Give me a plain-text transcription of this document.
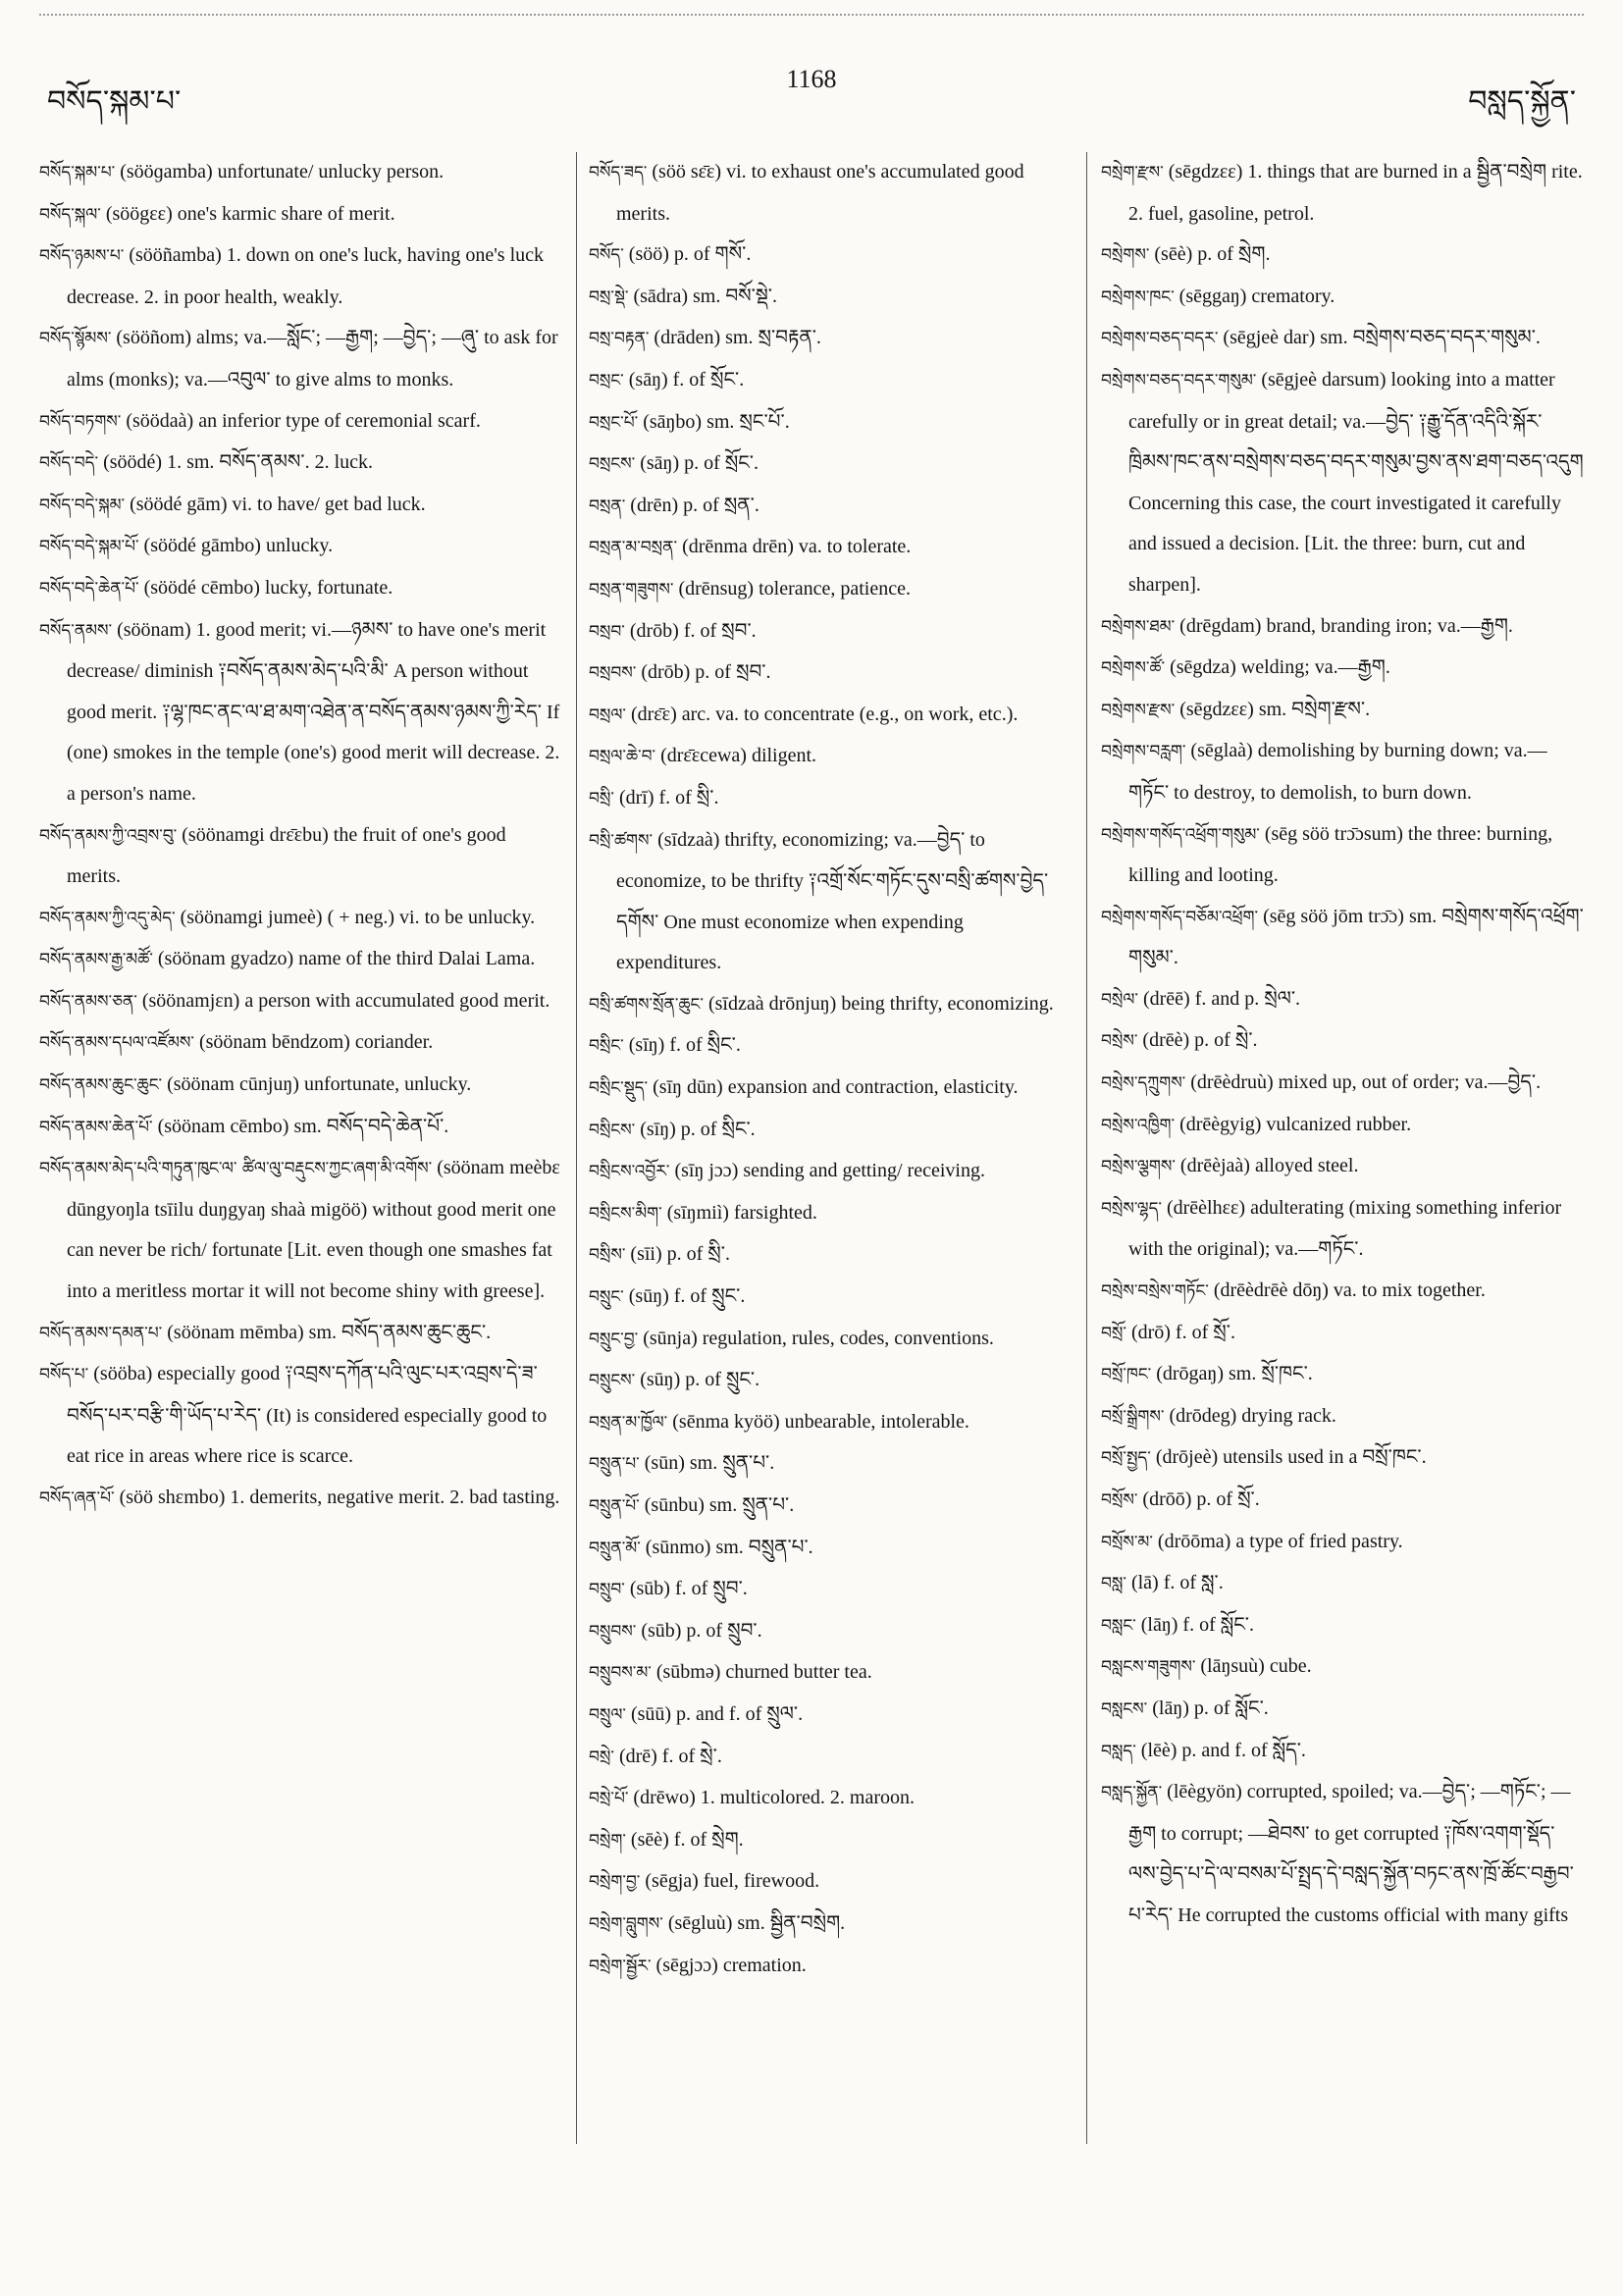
བསོད་སྐམ་པ་
1168
བསླད་སྐྱོན་

བསོད་སྐམ་པ་ (sööɡamba) unfortunate/ unlucky person.

བསོད་སྐལ་ (söögɛɛ) one's karmic share of merit.

བསོད་ཉམས་པ་ (sööñamba) 1. down on one's luck, having one's luck decrease. 2. in poor health, weakly.

བསོད་སྙོམས་ (sööñom) alms; va.—སློང་; —རྒྱག; —བྱེད་; —ཞུ་ to ask for alms (monks); va.—འབུལ་ to give alms to monks.

བསོད་བཏགས་ (söödaà) an inferior type of ceremonial scarf.

བསོད་བདེ་ (söödé) 1. sm. བསོད་ནམས་. 2. luck.

བསོད་བདེ་སྐམ་ (söödé gām) vi. to have/ get bad luck.

བསོད་བདེ་སྐམ་པོ་ (söödé gāmbo) unlucky.

བསོད་བདེ་ཆེན་པོ་ (söödé cēmbo) lucky, fortunate.

བསོད་ནམས་ (söönam) 1. good merit; vi.—ཉམས་ to have one's merit decrease/ diminish ༑བསོད་ནམས་མེད་པའི་མི་ A person without good merit. ༑ལྷ་ཁང་ནང་ལ་ཐ་མག་འཐེན་ན་བསོད་ནམས་ཉམས་ཀྱི་རེད་ If (one) smokes in the temple (one's) good merit will decrease. 2. a person's name.

བསོད་ནམས་ཀྱི་འབྲས་བུ་ (söönamgi drɛ̄ɛbu) the fruit of one's good merits.

བསོད་ནམས་ཀྱི་འདུ་མེད་ (söönamgi jumeè) ( + neg.) vi. to be unlucky.

བསོད་ནམས་རྒྱ་མཚོ་ (söönam gyadzo) name of the third Dalai Lama.

བསོད་ནམས་ཅན་ (söönamjɛn) a person with accumulated good merit.

བསོད་ནམས་དཔལ་འཛོམས་ (söönam bēndzom) coriander.

བསོད་ནམས་ཆུང་ཆུང་ (söönam cūnjuŋ) unfortunate, unlucky.

བསོད་ནམས་ཆེན་པོ་ (söönam cēmbo) sm. བསོད་བདེ་ཆེན་པོ་.

བསོད་ནམས་མེད་པའི་གཏུན་ཁུང་ལ་ ཚིལ་ལུ་བརྡུངས་ཀྱང་ཞག་མི་འགོས་ (söönam meèbɛ dūngyoŋla tsīilu duŋgyaŋ shaà migöö) without good merit one can never be rich/ fortunate [Lit. even though one smashes fat into a meritless mortar it will not become shiny with greese].

བསོད་ནམས་དམན་པ་ (söönam mēmba) sm. བསོད་ནམས་ཆུང་ཆུང་.

བསོད་པ་ (sööba) especially good ༑འབྲས་དཀོན་པའི་ལུང་པར་འབྲས་དེ་ཟ་བསོད་པར་བརྩི་གི་ཡོད་པ་རེད་ (It) is considered especially good to eat rice in areas where rice is scarce.

བསོད་ཞན་པོ་ (söö shɛmbo) 1. demerits, negative merit. 2. bad tasting.

བསོད་ཟད་ (söö sɛ̄ɛ) vi. to exhaust one's accumulated good merits.

བསོད་ (söö) p. of གསོ་.

བསྲ་སྡེ་ (sādra) sm. བསོ་སྡེ་.

བསྲ་བརྟན་ (drāden) sm. སྲ་བརྟན་.

བསྲང་ (sāŋ) f. of སྲོང་.

བསྲང་པོ་ (sāŋbo) sm. སྲང་པོ་.

བསྲངས་ (sāŋ) p. of སྲོང་.

བསྲན་ (drēn) p. of སྲན་.

བསྲན་མ་བསྲན་ (drēnma drēn) va. to tolerate.

བསྲན་གཟུགས་ (drēnsug) tolerance, patience.

བསྲབ་ (drōb) f. of སྲབ་.

བསྲབས་ (drōb) p. of སྲབ་.

བསྲལ་ (drɛ̄ɛ) arc. va. to concentrate (e.g., on work, etc.).

བསྲལ་ཆེ་བ་ (drɛ̄ɛcewa) diligent.

བསྲི་ (drī) f. of སྲི་.

བསྲི་ཚགས་ (sīdzaà) thrifty, economizing; va.—བྱེད་ to economize, to be thrifty ༑འགྲོ་སོང་གཏོང་དུས་བསྲི་ཚགས་བྱེད་དགོས་ One must economize when expending expenditures.

བསྲི་ཚགས་སྲོན་ཆུང་ (sīdzaà drōnjuŋ) being thrifty, economizing.

བསྲིང་ (sīŋ) f. of སྲིང་.

བསྲིང་སྡུད་ (sīŋ dūn) expansion and contraction, elasticity.

བསྲིངས་ (sīŋ) p. of སྲིང་.

བསྲིངས་འབྱོར་ (sīŋ jɔɔ) sending and getting/ receiving.

བསྲིངས་མིག་ (sīŋmiì) farsighted.

བསྲིས་ (sīi) p. of སྲི་.

བསྲུང་ (sūŋ) f. of སྲུང་.

བསྲུང་བྱ་ (sūnja) regulation, rules, codes, conventions.

བསྲུངས་ (sūŋ) p. of སྲུང་.

བསྲན་མ་ཁྱོལ་ (sēnma kyöö) unbearable, intolerable.

བསྲུན་པ་ (sūn) sm. སྲུན་པ་.

བསྲུན་པོ་ (sūnbu) sm. སྲུན་པ་.

བསྲུན་མོ་ (sūnmo) sm. བསྲུན་པ་.

བསྲུབ་ (sūb) f. of སྲུབ་.

བསྲུབས་ (sūb) p. of སྲུབ་.

བསྲུབས་མ་ (sūbmə) churned butter tea.

བསྲུལ་ (sūū) p. and f. of སྲུལ་.

བསྲེ་ (drē) f. of སྲེ་.

བསྲེ་པོ་ (drēwo) 1. multicolored. 2. maroon.

བསྲེག་ (sēè) f. of སྲེག.

བསྲེག་བྱ་ (sēgja) fuel, firewood.

བསྲེག་བླུགས་ (sēgluù) sm. སྦྱིན་བསྲེག.

བསྲེག་སྦྱོར་ (sēgjɔɔ) cremation.

བསྲེག་རྫས་ (sēgdzɛɛ) 1. things that are burned in a སྦྱིན་བསྲེག rite. 2. fuel, gasoline, petrol.

བསྲེགས་ (sēè) p. of སྲེག.

བསྲེགས་ཁང་ (sēggaŋ) crematory.

བསྲེགས་བཅད་བདར་ (sēgjeè dar) sm. བསྲེགས་བཅད་བདར་གསུམ་.

བསྲེགས་བཅད་བདར་གསུམ་ (sēgjeè darsum) looking into a matter carefully or in great detail; va.—བྱེད་ ༑རྒྱུ་དོན་འདིའི་སྐོར་ཁྲིམས་ཁང་ནས་བསྲེགས་བཅད་བདར་གསུམ་བྱས་ནས་ཐག་བཅད་འདུག Concerning this case, the court investigated it carefully and issued a decision. [Lit. the three: burn, cut and sharpen].

བསྲེགས་ཐམ་ (drēgdam) brand, branding iron; va.—རྒྱག.

བསྲེགས་ཚོ་ (sēgdza) welding; va.—རྒྱག.

བསྲེགས་རྫས་ (sēgdzɛɛ) sm. བསྲེག་རྫས་.

བསྲེགས་བརླག་ (sēglaà) demolishing by burning down; va.—གཏོང་ to destroy, to demolish, to burn down.

བསྲེགས་གསོད་འཕྲོག་གསུམ་ (sēg söö trɔ̄ɔsum) the three: burning, killing and looting.

བསྲེགས་གསོད་བཅོམ་འཕྲོག་ (sēg söö jōm trɔ̄ɔ) sm. བསྲེགས་གསོད་འཕྲོག་གསུམ་.

བསྲེལ་ (drēē) f. and p. སྲེལ་.

བསྲེས་ (drēè) p. of སྲེ་.

བསྲེས་དཀྲུགས་ (drēèdruù) mixed up, out of order; va.—བྱེད་.

བསྲེས་འཁྱིག་ (drēègyig) vulcanized rubber.

བསྲེས་ལྕགས་ (drēèjaà) alloyed steel.

བསྲེས་ལྷད་ (drēèlhɛɛ) adulterating (mixing something inferior with the original); va.—གཏོང་.

བསྲེས་བསྲེས་གཏོང་ (drēèdrēè dōŋ) va. to mix together.

བསྲོ་ (drō) f. of སྲོ་.

བསྲོ་ཁང་ (drōgaŋ) sm. སྲོ་ཁང་.

བསྲོ་སྒྲིགས་ (drōdeg) drying rack.

བསྲོ་སྤྱད་ (drōjeè) utensils used in a བསྲོ་ཁང་.

བསྲོས་ (drōō) p. of སྲོ་.

བསྲོས་མ་ (drōōma) a type of fried pastry.

བསླ་ (lā) f. of སླ་.

བསླང་ (lāŋ) f. of སློང་.

བསླངས་གཟུགས་ (lāŋsuù) cube.

བསླངས་ (lāŋ) p. of སློང་.

བསླད་ (lēè) p. and f. of སློད་.

བསླད་སྐྱོན་ (lēègyön) corrupted, spoiled; va.—བྱེད་; —གཏོང་; —རྒྱག to corrupt; —ཐེབས་ to get corrupted ༑ཁོས་འགག་སྡོད་ལས་བྱེད་པ་དེ་ལ་བསམ་པོ་སྤྲད་དེ་བསླད་སྐྱོན་བཏང་ནས་ཁྲོ་ཚོང་བརྒྱབ་པ་རེད་ He corrupted the customs official with many gifts
